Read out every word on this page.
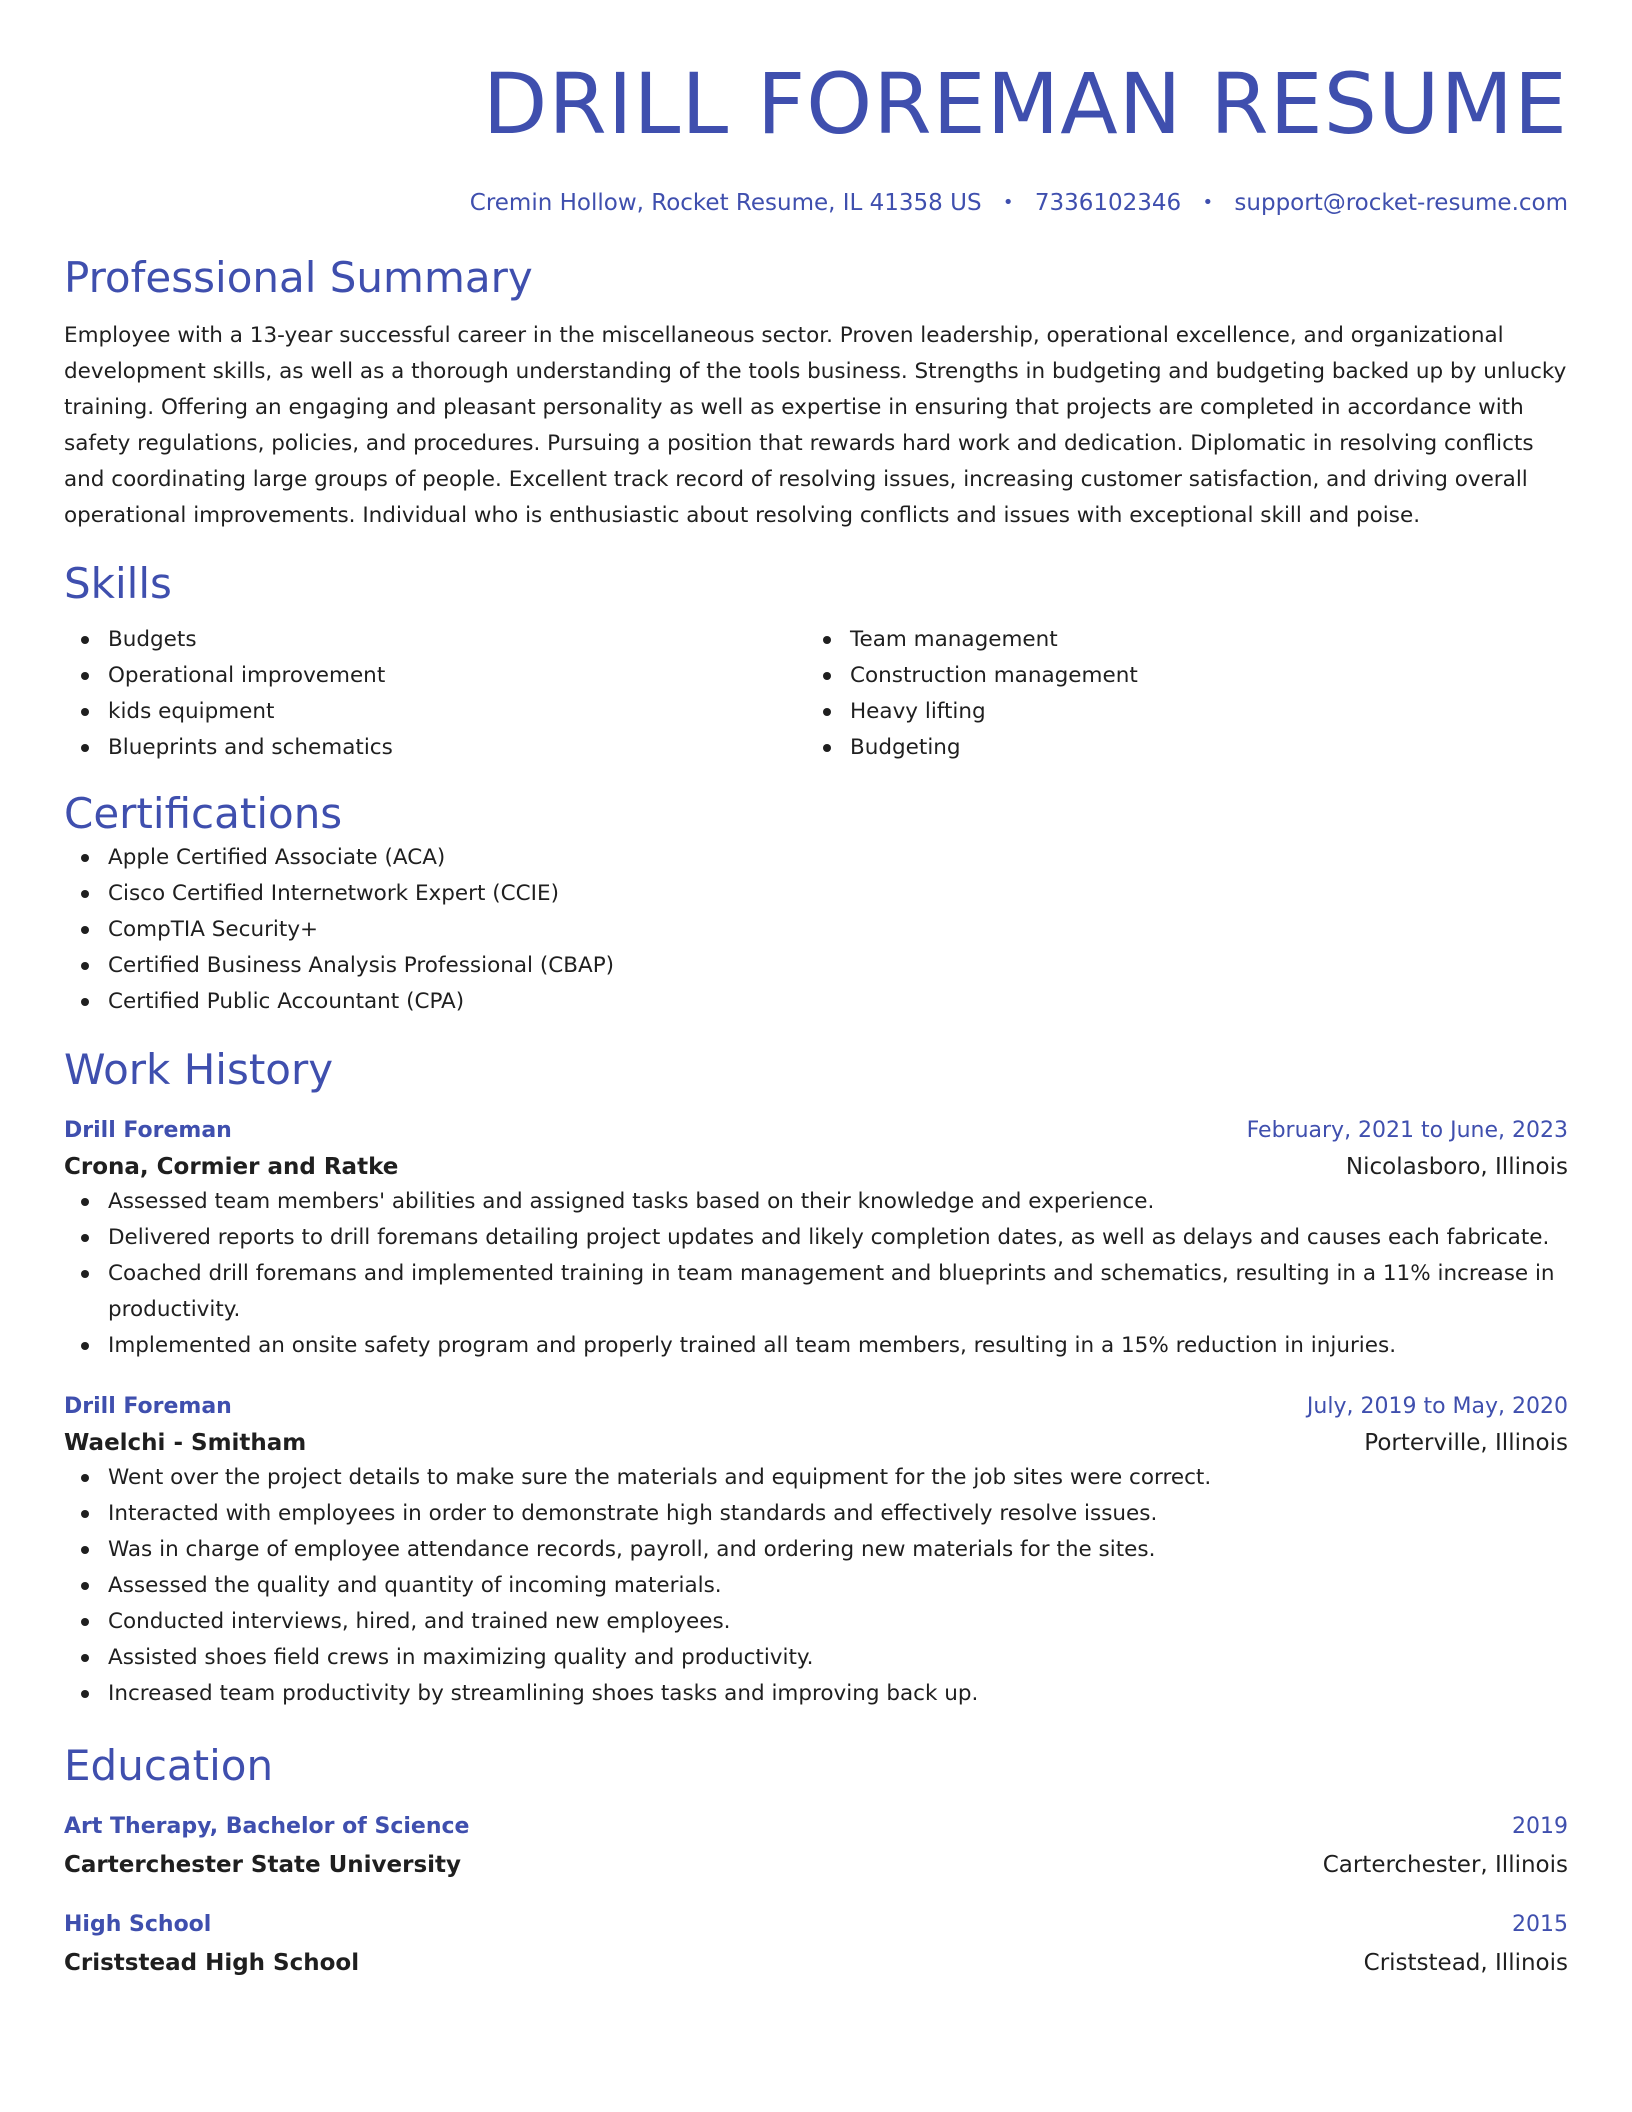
DRILL FOREMAN RESUME
Cremin Hollow, Rocket Resume, IL 41358 US • 7336102346 • support@rocket-resume.com
Professional Summary

Employee with a 13-year successful career in the miscellaneous sector. Proven leadership, operational excellence, and organizational development skills, as well as a thorough understanding of the tools business. Strengths in budgeting and budgeting backed up by unlucky training. Offering an engaging and pleasant personality as well as expertise in ensuring that projects are completed in accordance with safety regulations, policies, and procedures. Pursuing a position that rewards hard work and dedication. Diplomatic in resolving conflicts and coordinating large groups of people. Excellent track record of resolving issues, increasing customer satisfaction, and driving overall operational improvements. Individual who is enthusiastic about resolving conflicts and issues with exceptional skill and poise.

Skills
Budgets
Operational improvement
kids equipment
Blueprints and schematics
Team management
Construction management
Heavy lifting
Budgeting
Certifications
Apple Certified Associate (ACA)
Cisco Certified Internetwork Expert (CCIE)
CompTIA Security+
Certified Business Analysis Professional (CBAP)
Certified Public Accountant (CPA)
Work History
Drill Foreman	February, 2021 to June, 2023
Crona, Cormier and Ratke	Nicolasboro, Illinois
Assessed team members' abilities and assigned tasks based on their knowledge and experience.
Delivered reports to drill foremans detailing project updates and likely completion dates, as well as delays and causes each fabricate.
Coached drill foremans and implemented training in team management and blueprints and schematics, resulting in a 11% increase in productivity.
Implemented an onsite safety program and properly trained all team members, resulting in a 15% reduction in injuries.
Drill Foreman	July, 2019 to May, 2020
Waelchi - Smitham	Porterville, Illinois
Went over the project details to make sure the materials and equipment for the job sites were correct.
Interacted with employees in order to demonstrate high standards and effectively resolve issues.
Was in charge of employee attendance records, payroll, and ordering new materials for the sites.
Assessed the quality and quantity of incoming materials.
Conducted interviews, hired, and trained new employees.
Assisted shoes field crews in maximizing quality and productivity.
Increased team productivity by streamlining shoes tasks and improving back up.
Education
Art Therapy, Bachelor of Science	2019
Carterchester State University	Carterchester, Illinois
High School	2015
Criststead High School	Criststead, Illinois
